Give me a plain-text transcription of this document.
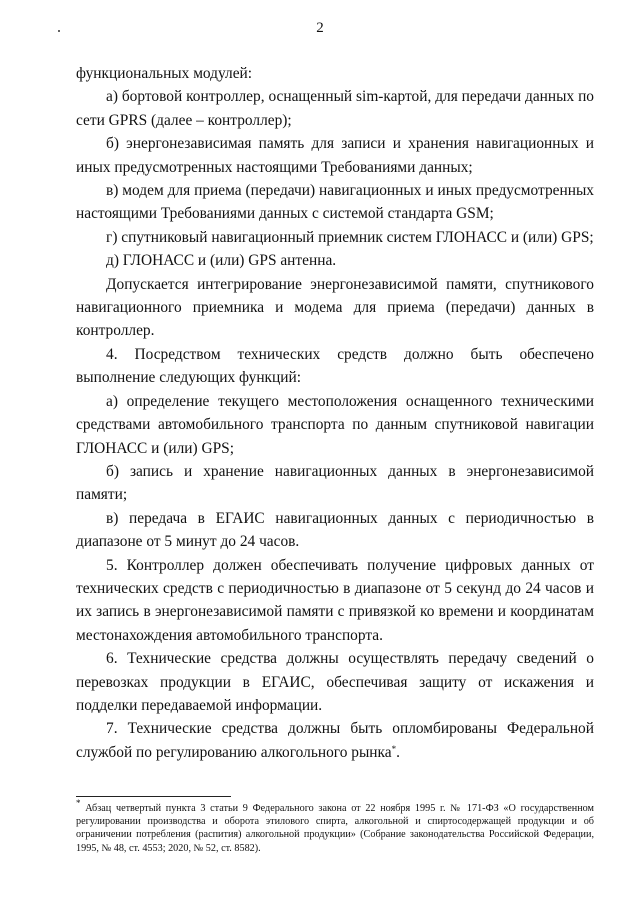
2

функциональных модулей:

а) бортовой контроллер, оснащенный sim-картой, для передачи данных по сети GPRS (далее – контроллер);

б) энергонезависимая память для записи и хранения навигационных и иных предусмотренных настоящими Требованиями данных;

в) модем для приема (передачи) навигационных и иных предусмотренных настоящими Требованиями данных с системой стандарта GSM;

г) спутниковый навигационный приемник систем ГЛОНАСС и (или) GPS;

д) ГЛОНАСС и (или) GPS антенна.

Допускается интегрирование энергонезависимой памяти, спутникового навигационного приемника и модема для приема (передачи) данных в контроллер.

4. Посредством технических средств должно быть обеспечено выполнение следующих функций:

а) определение текущего местоположения оснащенного техническими средствами автомобильного транспорта по данным спутниковой навигации ГЛОНАСС и (или) GPS;

б) запись и хранение навигационных данных в энергонезависимой памяти;

в) передача в ЕГАИС навигационных данных с периодичностью в диапазоне от 5 минут до 24 часов.

5. Контроллер должен обеспечивать получение цифровых данных от технических средств с периодичностью в диапазоне от 5 секунд до 24 часов и их запись в энергонезависимой памяти с привязкой ко времени и координатам местонахождения автомобильного транспорта.

6. Технические средства должны осуществлять передачу сведений о перевозках продукции в ЕГАИС, обеспечивая защиту от искажения и подделки передаваемой информации.

7. Технические средства должны быть опломбированы Федеральной службой по регулированию алкогольного рынка*.

* Абзац четвертый пункта 3 статьи 9 Федерального закона от 22 ноября 1995 г. № 171-ФЗ «О государственном регулировании производства и оборота этилового спирта, алкогольной и спиртосодержащей продукции и об ограничении потребления (распития) алкогольной продукции» (Собрание законодательства Российской Федерации, 1995, № 48, ст. 4553; 2020, № 52, ст. 8582).
